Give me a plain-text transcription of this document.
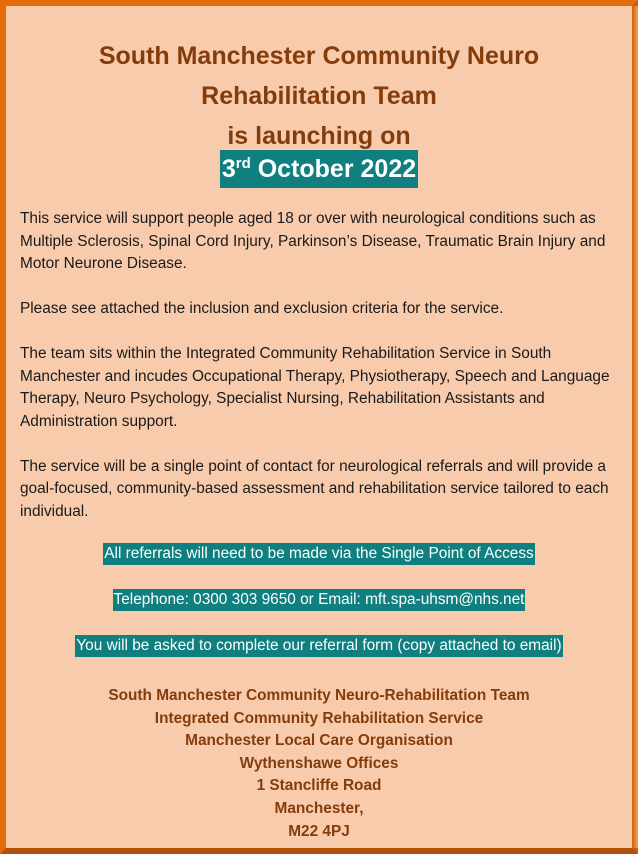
South Manchester Community Neuro
Rehabilitation Team
is launching on
3rd October 2022

This service will support people aged 18 or over with neurological conditions such as Multiple Sclerosis, Spinal Cord Injury, Parkinson’s Disease, Traumatic Brain Injury and Motor Neurone Disease.

Please see attached the inclusion and exclusion criteria for the service.

The team sits within the Integrated Community Rehabilitation Service in South Manchester and incudes Occupational Therapy, Physiotherapy, Speech and Language Therapy, Neuro Psychology, Specialist Nursing, Rehabilitation Assistants and Administration support.

The service will be a single point of contact for neurological referrals and will provide a goal-focused, community-based assessment and rehabilitation service tailored to each individual.

All referrals will need to be made via the Single Point of Access
Telephone: 0300 303 9650 or Email: mft.spa-uhsm@nhs.net
You will be asked to complete our referral form (copy attached to email)
South Manchester Community Neuro-Rehabilitation Team
Integrated Community Rehabilitation Service
Manchester Local Care Organisation
Wythenshawe Offices
1 Stancliffe Road
Manchester,
M22 4PJ
